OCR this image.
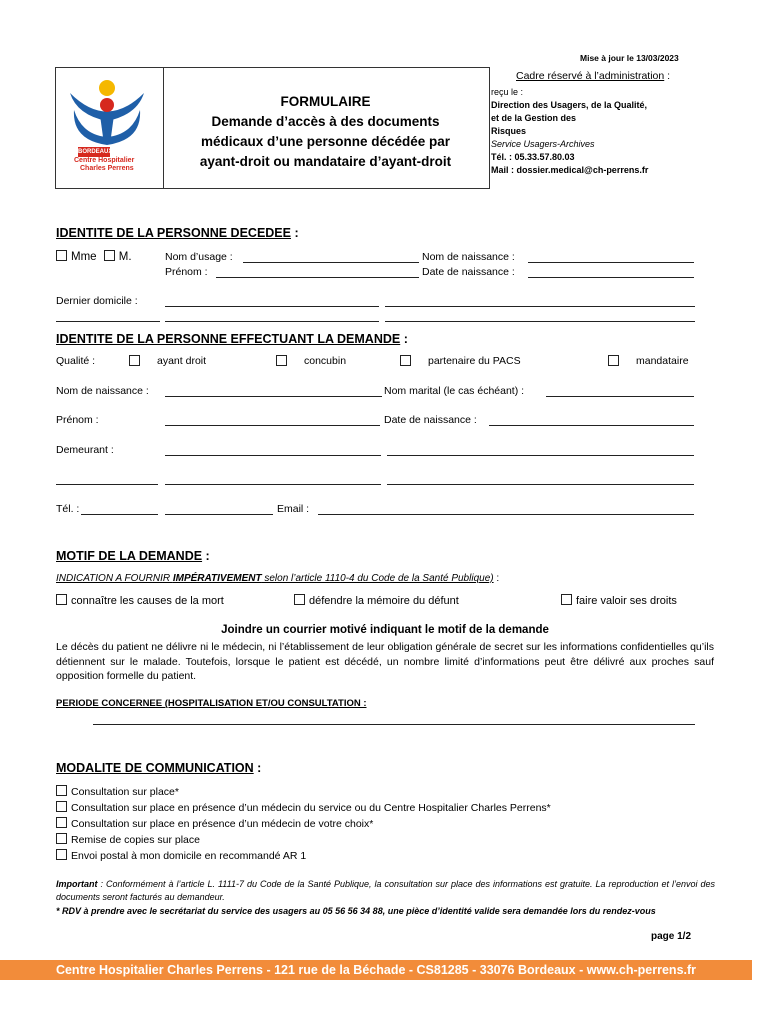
Mise à jour le 13/03/2023
BORDEAUX
Centre Hospitalier
Charles Perrens
FORMULAIRE
Demande d’accès à des documents
médicaux d’une personne décédée par
ayant-droit ou mandataire d’ayant-droit
Cadre réservé à l’administration :
reçu le :
Direction des Usagers, de la Qualité,
et de la Gestion des
Risques
Service Usagers-Archives
Tél. : 05.33.57.80.03
Mail : dossier.medical@ch-perrens.fr
IDENTITE DE LA PERSONNE DECEDEE :
Mme M.	Nom d’usage :	Nom de naissance :
Prénom :	Date de naissance :
Dernier domicile :
IDENTITE DE LA PERSONNE EFFECTUANT LA DEMANDE :
Qualité :	ayant droit	concubin	partenaire du PACS	mandataire
Nom de naissance :	Nom marital (le cas échéant) :
Prénom :	Date de naissance :
Demeurant :
Tél. :	Email :
MOTIF DE LA DEMANDE :
INDICATION A FOURNIR IMPÉRATIVEMENT selon l’article 1110-4 du Code de la Santé Publique) :
connaître les causes de la mort	défendre la mémoire du défunt	faire valoir ses droits
Joindre un courrier motivé indiquant le motif de la demande
Le décès du patient ne délivre ni le médecin, ni l’établissement de leur obligation générale de secret sur les informations confidentielles qu’ils détiennent sur le malade. Toutefois, lorsque le patient est décédé, un nombre limité d’informations peut être délivré aux proches sauf opposition formelle du patient.
PERIODE CONCERNEE (HOSPITALISATION ET/OU CONSULTATION :
MODALITE DE COMMUNICATION :
Consultation sur place*
Consultation sur place en présence d’un médecin du service ou du Centre Hospitalier Charles Perrens*
Consultation sur place en présence d’un médecin de votre choix*
Remise de copies sur place
Envoi postal à mon domicile en recommandé AR 1
Important : Conformément à l’article L. 1111-7 du Code de la Santé Publique, la consultation sur place des informations est gratuite. La reproduction et l’envoi des documents seront facturés au demandeur.
* RDV à prendre avec le secrétariat du service des usagers au 05 56 56 34 88, une pièce d’identité valide sera demandée lors du rendez-vous
page 1/2
Centre Hospitalier Charles Perrens - 121 rue de la Béchade - CS81285 - 33076 Bordeaux - www.ch-perrens.fr
